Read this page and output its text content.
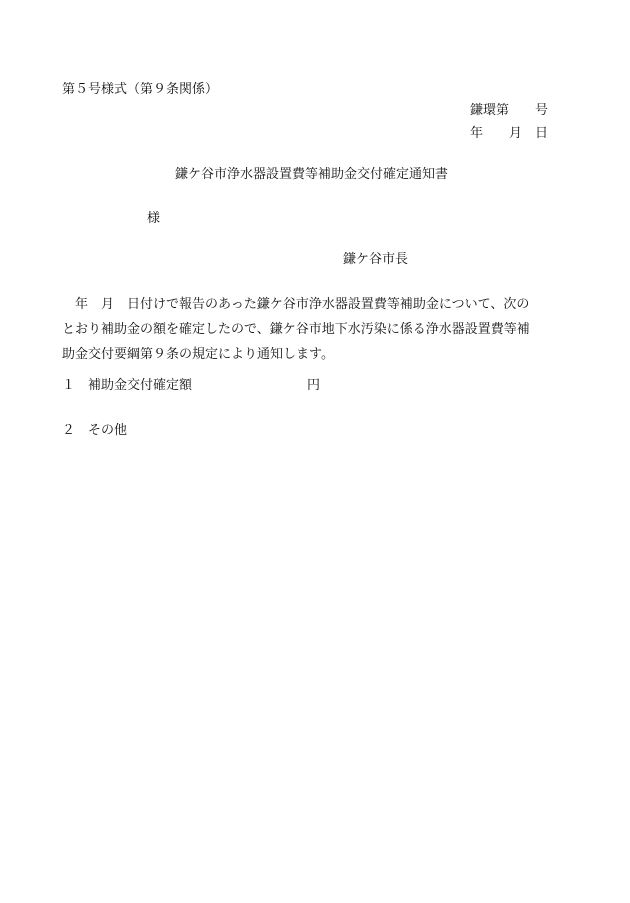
第５号様式（第９条関係）
鎌環第　　号
年　　月　日
鎌ケ谷市浄水器設置費等補助金交付確定通知書
様
鎌ケ谷市長
　年　月　日付けで報告のあった鎌ケ谷市浄水器設置費等補助金について、次の
とおり補助金の額を確定したので、鎌ケ谷市地下水汚染に係る浄水器設置費等補
助金交付要綱第９条の規定により通知します。
１　 補助金交付確定額	円
２　 その他
